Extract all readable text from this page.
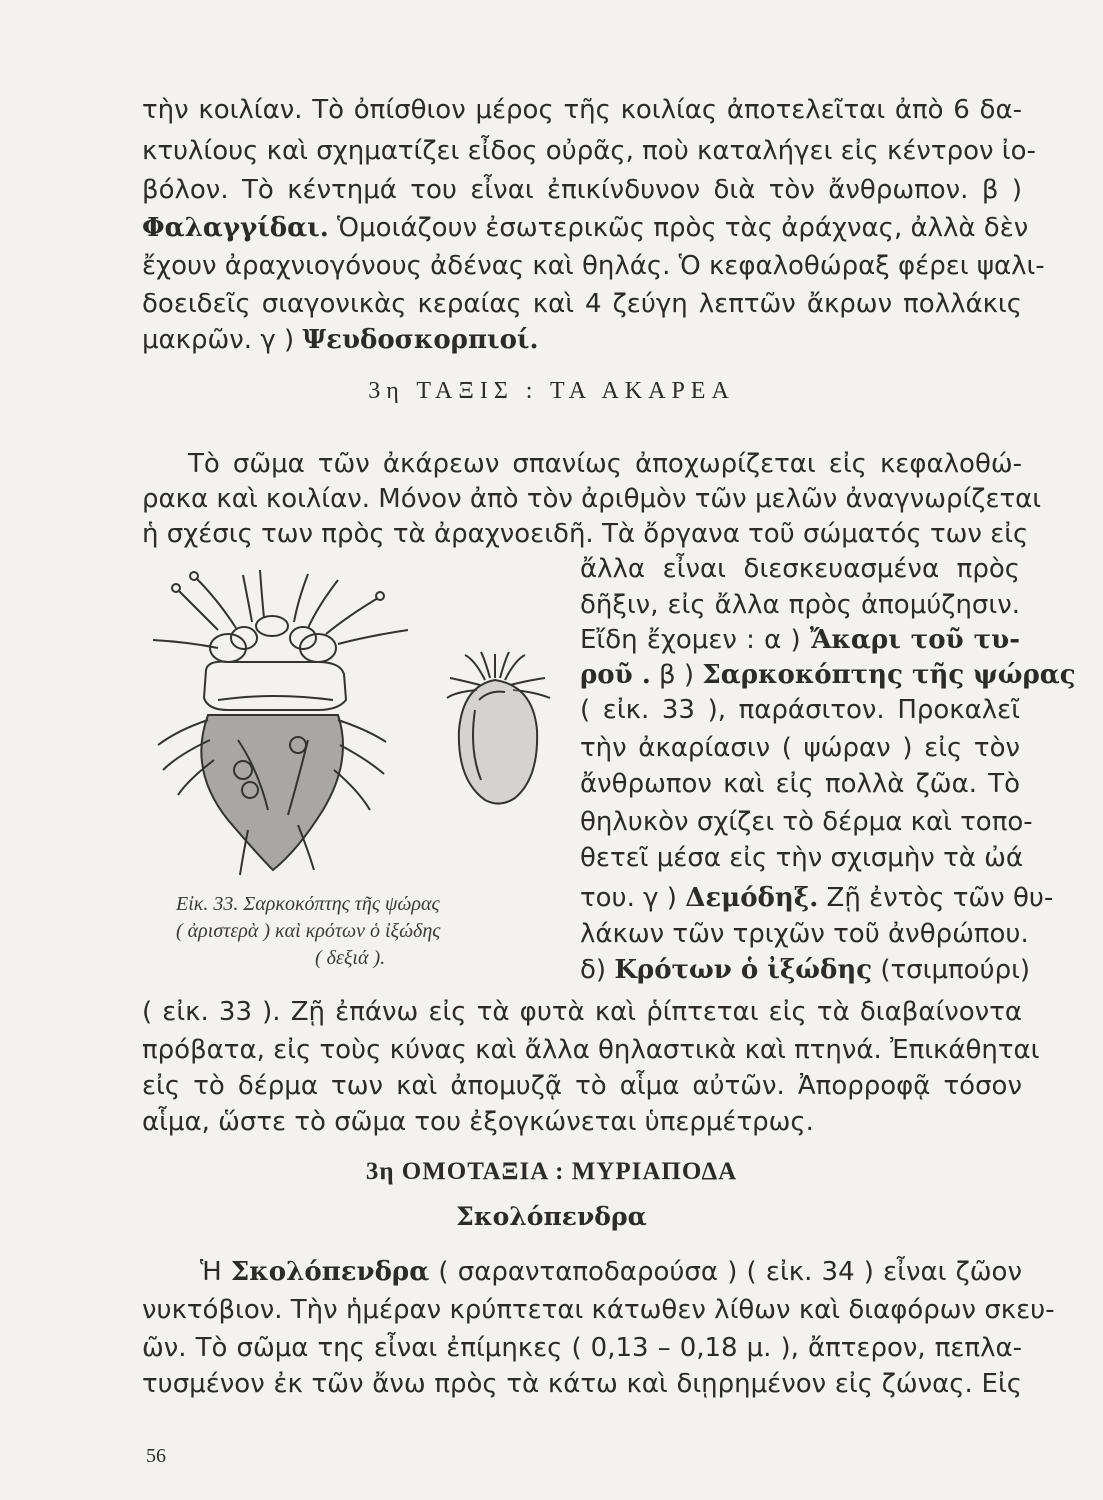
τὴν κοιλίαν. Τὸ ὀπίσθιον μέρος τῆς κοιλίας ἀποτελεῖται ἀπὸ 6 δα-
κτυλίους καὶ σχηματίζει εἶδος οὐρᾶς, ποὺ καταλήγει εἰς κέντρον ἰο-
βόλον. Τὸ κέντημά του εἶναι ἐπικίνδυνον διὰ τὸν ἄνθρωπον. β )
Φαλαγγίδαι. Ὁμοιάζουν ἐσωτερικῶς πρὸς τὰς ἀράχνας, ἀλλὰ δὲν
ἔχουν ἀραχνιογόνους ἀδένας καὶ θηλάς. Ὁ κεφαλοθώραξ φέρει ψαλι-
δοειδεῖς σιαγονικὰς κεραίας καὶ 4 ζεύγη λεπτῶν ἄκρων πολλάκις
μακρῶν. γ ) Ψευδοσκορπιοί.
3η ΤΑΞΙΣ : ΤΑ ΑΚΑΡΕΑ
Τὸ σῶμα τῶν ἀκάρεων σπανίως ἀποχωρίζεται εἰς κεφαλοθώ-
ρακα καὶ κοιλίαν. Μόνον ἀπὸ τὸν ἀριθμὸν τῶν μελῶν ἀναγνωρίζεται
ἡ σχέσις των πρὸς τὰ ἀραχνοειδῆ. Τὰ ὄργανα τοῦ σώματός των εἰς
ἄλλα εἶναι διεσκευασμένα πρὸς
δῆξιν, εἰς ἄλλα πρὸς ἀπομύζησιν.
Εἴδη ἔχομεν : α ) Ἄκαρι τοῦ τυ-
ροῦ . β ) Σαρκοκόπτης τῆς ψώρας
( εἰκ. 33 ), παράσιτον. Προκαλεῖ
τὴν ἀκαρίασιν ( ψώραν ) εἰς τὸν
ἄνθρωπον καὶ εἰς πολλὰ ζῶα. Τὸ
θηλυκὸν σχίζει τὸ δέρμα καὶ τοπο-
θετεῖ μέσα εἰς τὴν σχισμὴν τὰ ὠά
του. γ ) Δεμόδηξ. Ζῇ ἐντὸς τῶν θυ-
λάκων τῶν τριχῶν τοῦ ἀνθρώπου.
δ) Κρότων ὁ ἰξώδης (τσιμπούρι)
( εἰκ. 33 ). Ζῇ ἐπάνω εἰς τὰ φυτὰ καὶ ῥίπτεται εἰς τὰ διαβαίνοντα
πρόβατα, εἰς τοὺς κύνας καὶ ἄλλα θηλαστικὰ καὶ πτηνά. Ἐπικάθηται
εἰς τὸ δέρμα των καὶ ἀπομυζᾷ τὸ αἷμα αὐτῶν. Ἀπορροφᾷ τόσον
αἷμα, ὥστε τὸ σῶμα του ἐξογκώνεται ὑπερμέτρως.
Εἰκ. 33. Σαρκοκόπτης τῆς ψώρας
( ἀριστερὰ ) καὶ κρότων ὁ ἰξώδης
( δεξιά ).
3η ΟΜΟΤΑΞΙΑ : ΜΥΡΙΑΠΟΔΑ
Σκολόπενδρα
Ἡ Σκολόπενδρα ( σαρανταποδαρούσα ) ( εἰκ. 34 ) εἶναι ζῶον
νυκτόβιον. Τὴν ἡμέραν κρύπτεται κάτωθεν λίθων καὶ διαφόρων σκευ-
ῶν. Τὸ σῶμα της εἶναι ἐπίμηκες ( 0,13 – 0,18 μ. ), ἄπτερον, πεπλα-
τυσμένον ἐκ τῶν ἄνω πρὸς τὰ κάτω καὶ διῃρημένον εἰς ζώνας. Εἰς
56
